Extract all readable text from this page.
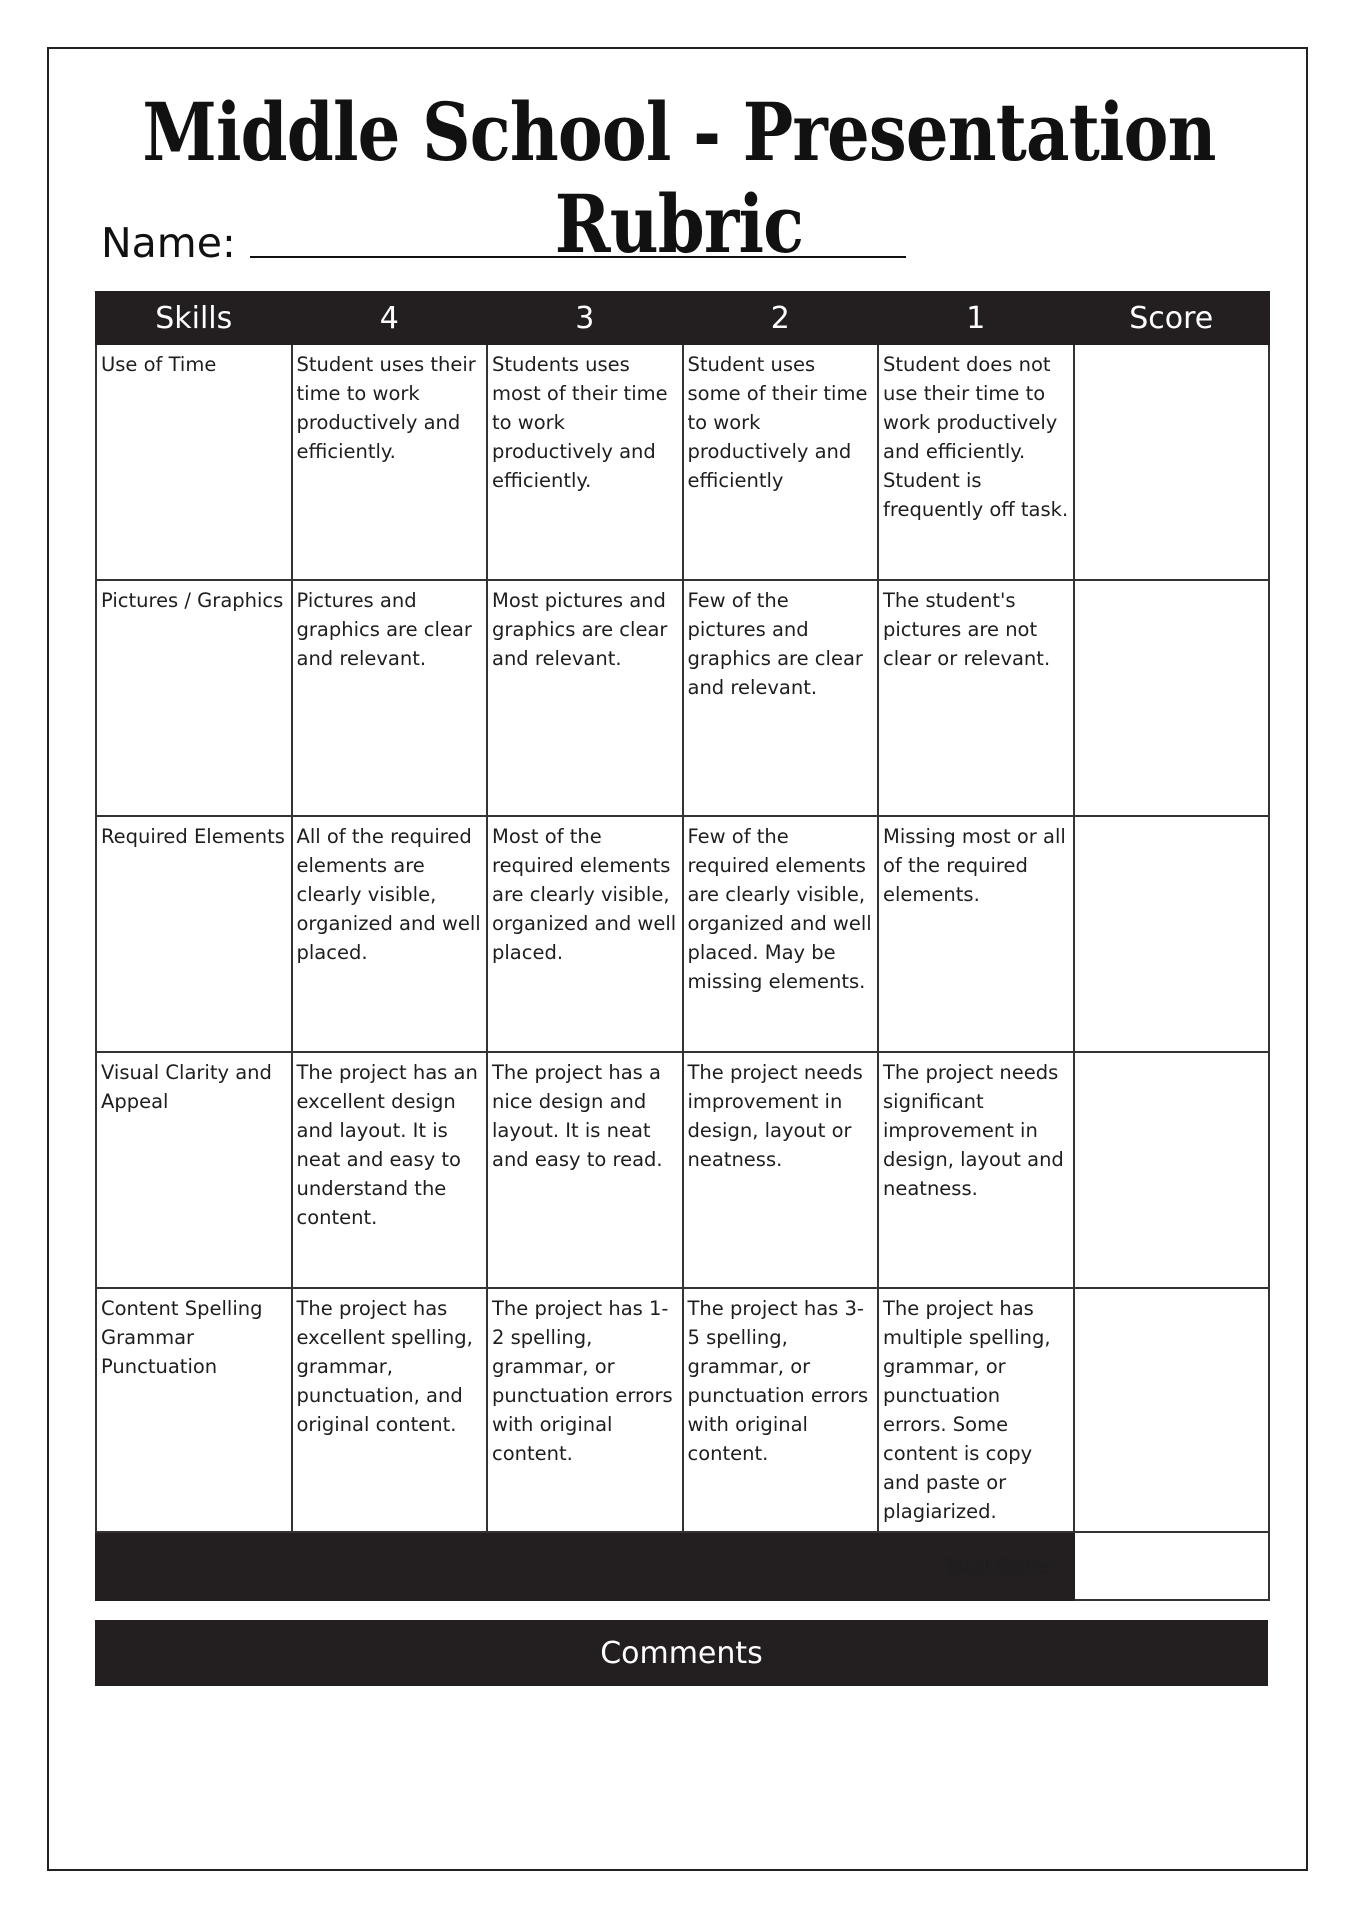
Middle School - Presentation Rubric
Name:
Skills	4	3	2	1	Score
Use of Time	Student uses their time to work productively and efficiently.	Students uses most of their time to work productively and efficiently.	Student uses some of their time to work productively and efficiently	Student does not use their time to work productively and efficiently. Student is frequently off task.	
Pictures / Graphics	Pictures and graphics are clear and relevant.	Most pictures and graphics are clear and relevant.	Few of the pictures and graphics are clear and relevant.	The student's pictures are not clear or relevant.	
Required Elements	All of the required elements are clearly visible, organized and well placed.	Most of the required elements are clearly visible, organized and well placed.	Few of the required elements are clearly visible, organized and well placed. May be missing elements.	Missing most or all of the required elements.	
Visual Clarity and Appeal	The project has an excellent design and layout. It is neat and easy to understand the content.	The project has a nice design and layout. It is neat and easy to read.	The project needs improvement in design, layout or neatness.	The project needs significant improvement in design, layout and neatness.	
Content Spelling Grammar Punctuation	The project has excellent spelling, grammar, punctuation, and original content.	The project has 1-2 spelling, grammar, or punctuation errors with original content.	The project has 3-5 spelling, grammar, or punctuation errors with original content.	The project has multiple spelling, grammar, or punctuation errors. Some content is copy and paste or plagiarized.	
Total Score					
Comments
